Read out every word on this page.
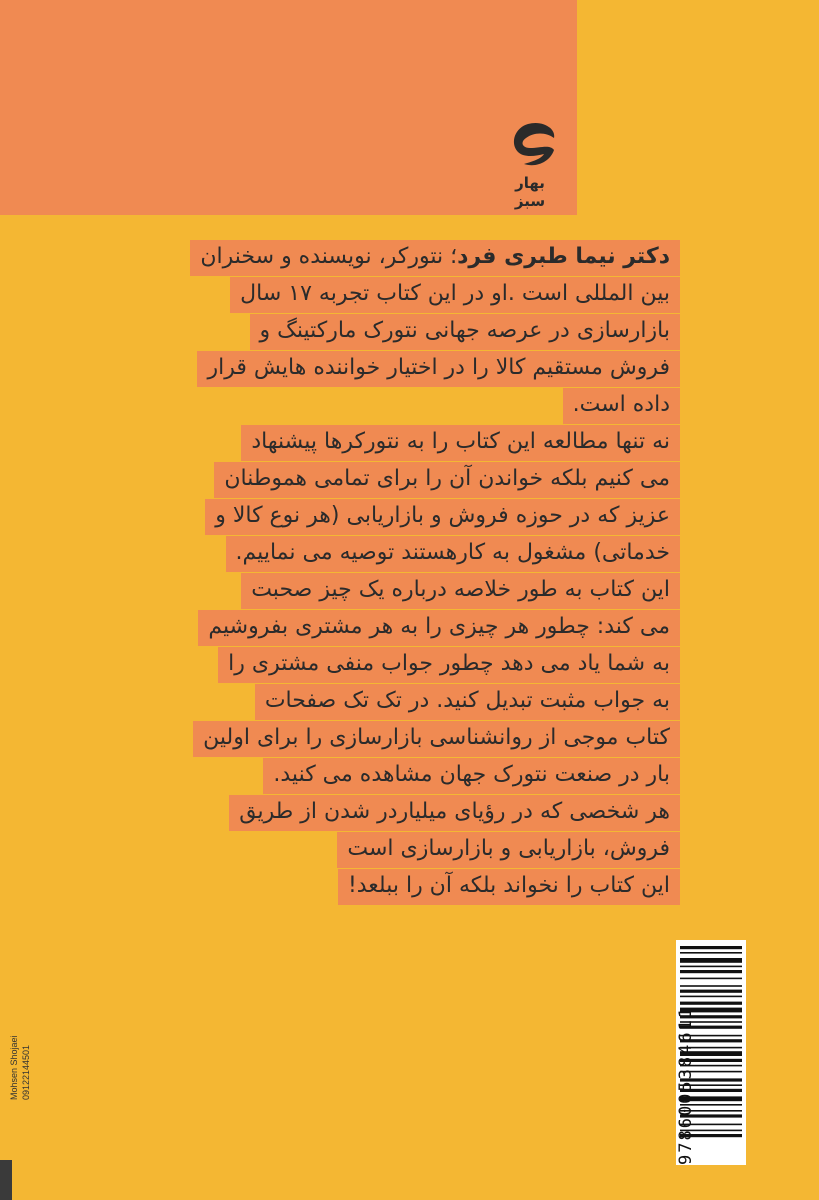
بهار سبز
دکتر نیما طبری فرد؛ نتورکر، نویسنده و سخنران
بین المللی است .او در این کتاب تجربه ۱۷ سال
بازارسازی در عرصه جهانی نتورک مارکتینگ و
فروش مستقیم کالا را در اختیار خواننده هایش قرار
داده است.
نه تنها مطالعه این کتاب را به نتورکرها پیشنهاد
می کنیم بلکه خواندن آن را برای تمامی هموطنان
عزیز که در حوزه فروش و بازاریابی (هر نوع کالا و
خدماتی) مشغول به کارهستند توصیه می نماییم.
این کتاب به طور خلاصه درباره یک چیز صحبت
می کند: چطور هر چیزی را به هر مشتری بفروشیم
به شما یاد می دهد چطور جواب منفی مشتری را
به جواب مثبت تبدیل کنید. در تک تک صفحات
کتاب موجی از روانشناسی بازارسازی را برای اولین
بار در صنعت نتورک جهان مشاهده می کنید.
هر شخصی که در رؤیای میلیاردر شدن از طریق
فروش، بازاریابی و بازارسازی است
این کتاب را نخواند بلکه آن را ببلعد!
9786005384611
Mohsen Shojaei 09122144501
